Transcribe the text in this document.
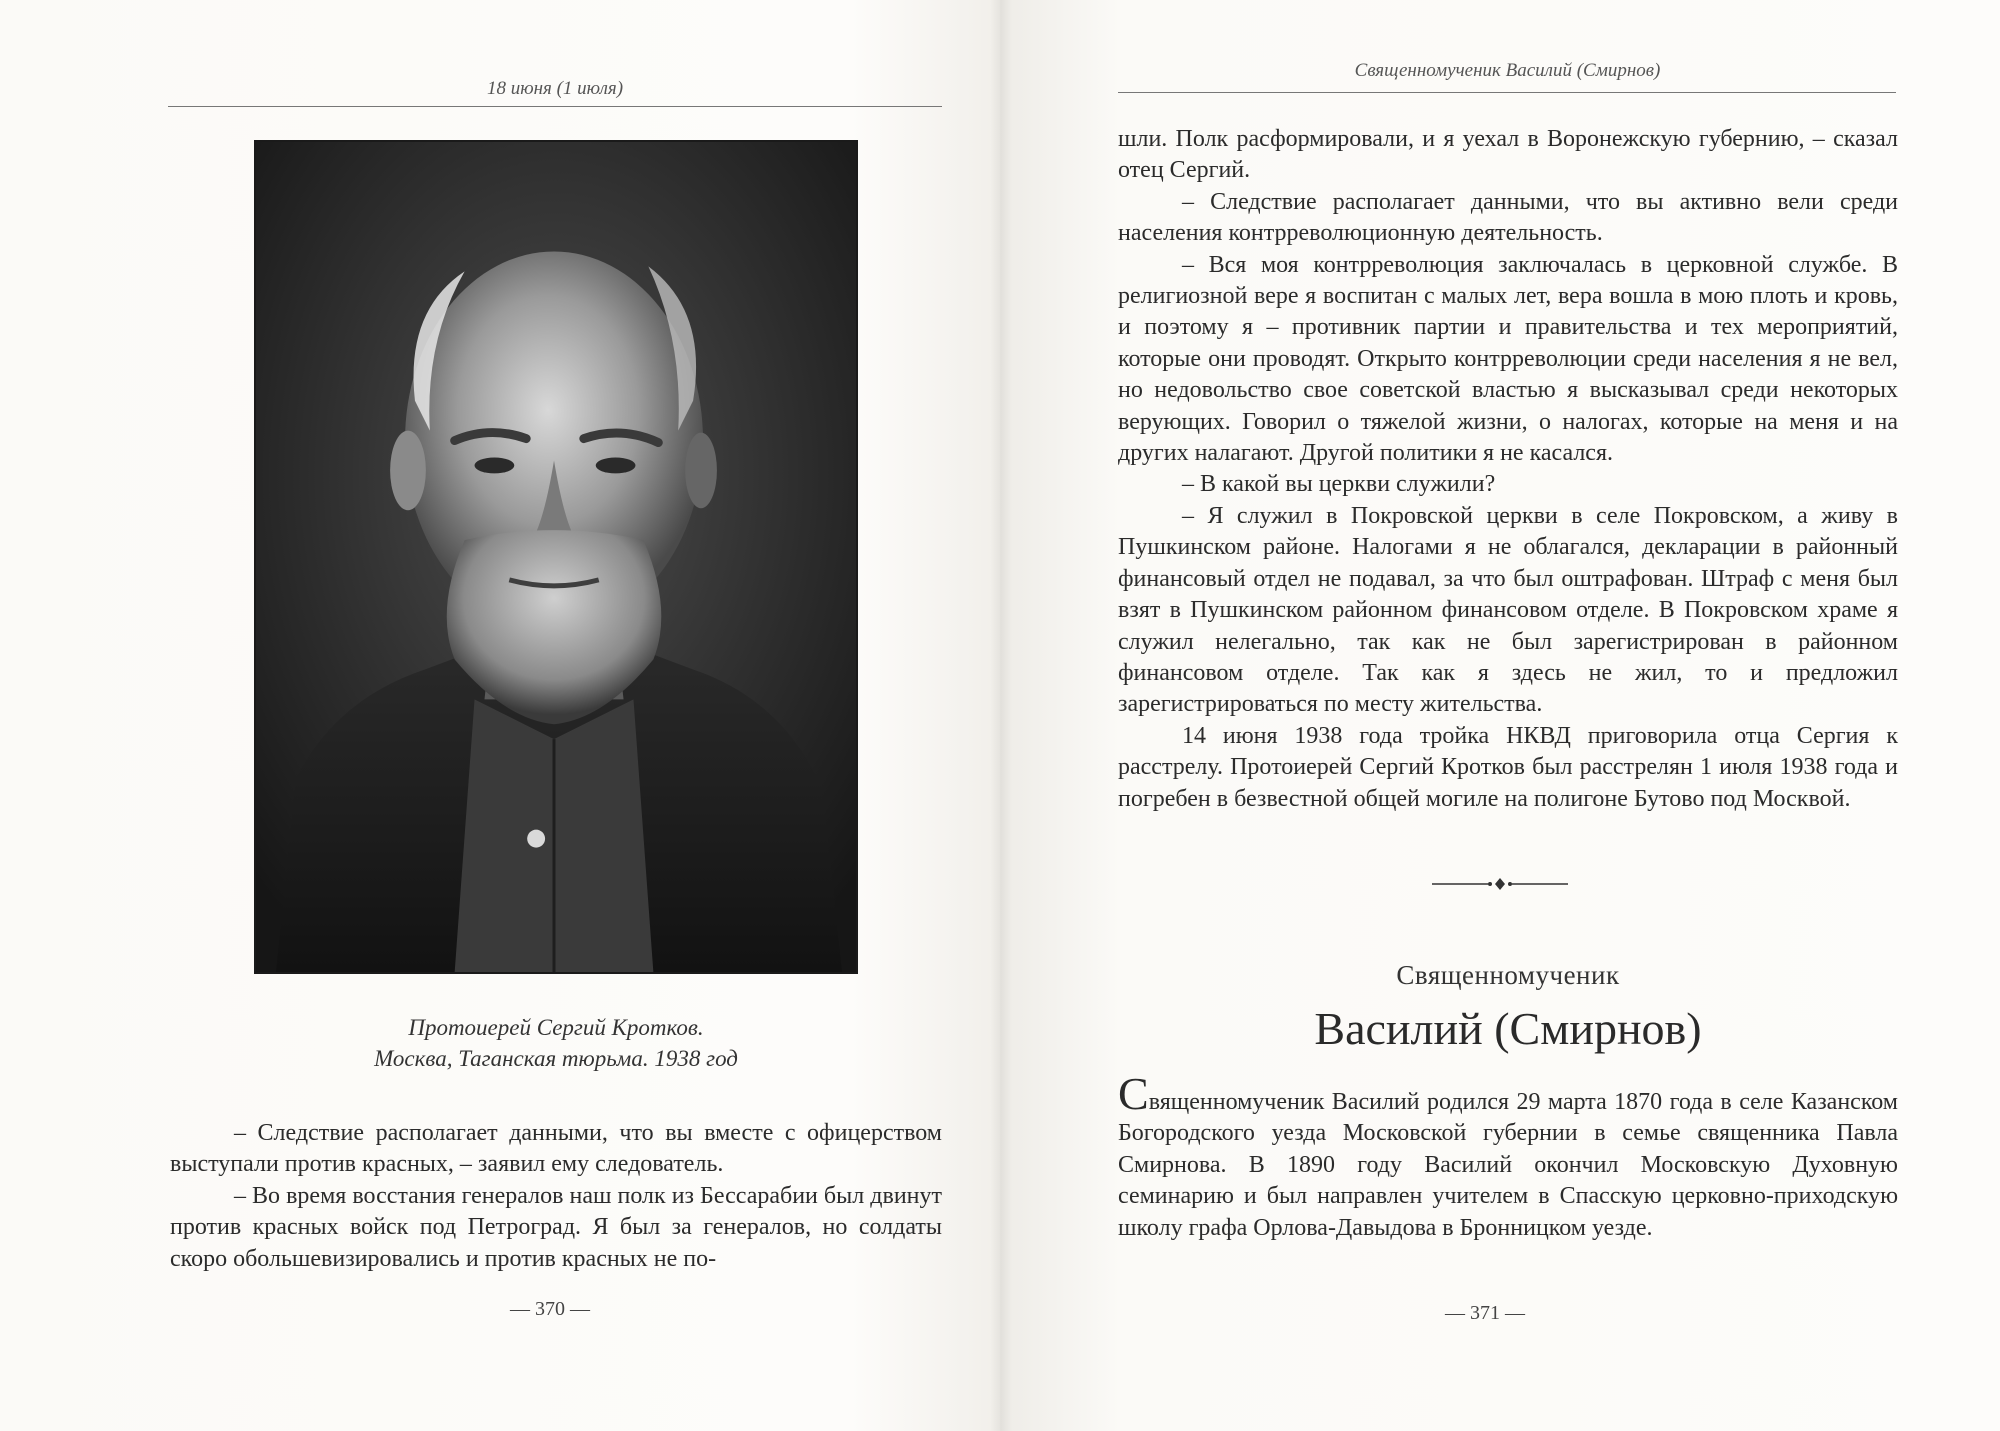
18 июня (1 июля)
Протоиерей Сергий Кротков.
Москва, Таганская тюрьма. 1938 год

– Следствие располагает данными, что вы вместе с офицерством выступали против красных, – заявил ему следователь.

– Во время восстания генералов наш полк из Бессарабии был двинут против красных войск под Петроград. Я был за генералов, но солдаты скоро обольшевизировались и против красных не по-

— 370 —
Священномученик Василий (Смирнов)

шли. Полк расформировали, и я уехал в Воронежскую губернию, – сказал отец Сергий.

– Следствие располагает данными, что вы активно вели среди населения контрреволюционную деятельность.

– Вся моя контрреволюция заключалась в церковной службе. В религиозной вере я воспитан с малых лет, вера вошла в мою плоть и кровь, и поэтому я – противник партии и правительства и тех мероприятий, которые они проводят. Открыто контрреволюции среди населения я не вел, но недовольство свое советской властью я высказывал среди некоторых верующих. Говорил о тяжелой жизни, о налогах, которые на меня и на других налагают. Другой политики я не касался.

– В какой вы церкви служили?

– Я служил в Покровской церкви в селе Покровском, а живу в Пушкинском районе. Налогами я не облагался, декларации в районный финансовый отдел не подавал, за что был оштрафован. Штраф с меня был взят в Пушкинском районном финансовом отделе. В Покровском храме я служил нелегально, так как не был зарегистрирован в районном финансовом отделе. Так как я здесь не жил, то и предложил зарегистрироваться по месту жительства.

14 июня 1938 года тройка НКВД приговорила отца Сергия к расстрелу. Протоиерей Сергий Кротков был расстрелян 1 июля 1938 года и погребен в безвестной общей могиле на полигоне Бутово под Москвой.

Священномученик
Василий (Смирнов)

Священномученик Василий родился 29 марта 1870 года в селе Казанском Богородского уезда Московской губернии в семье священника Павла Смирнова. В 1890 году Василий окончил Московскую Духовную семинарию и был направлен учителем в Спасскую церковно-приходскую школу графа Орлова-Давыдова в Бронницком уезде.

— 371 —
